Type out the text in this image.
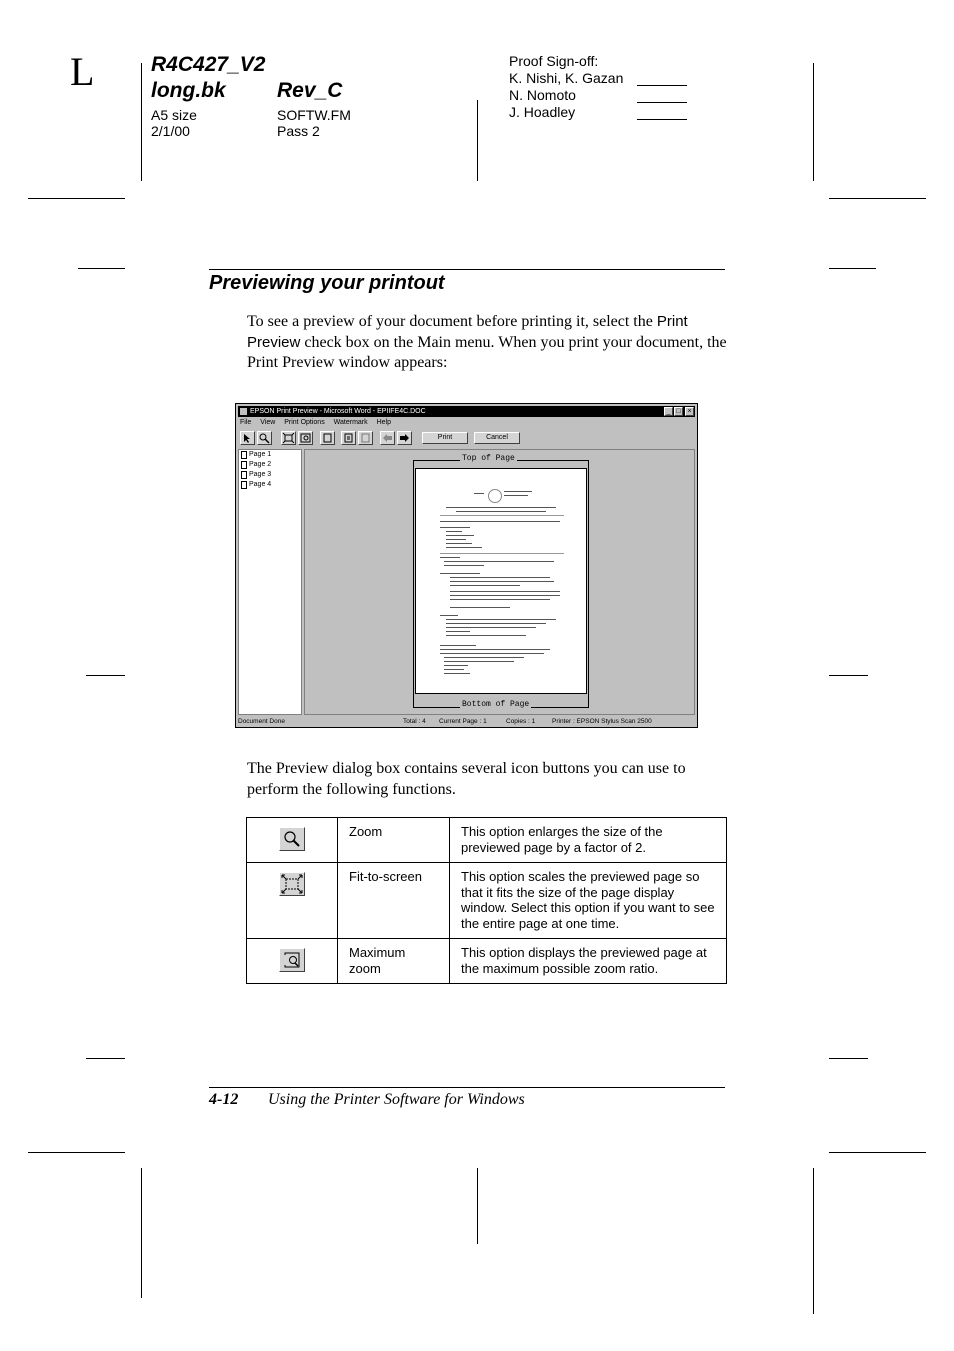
L	R4C427_V2
long.bk Rev_C
A5 size	SOFTW.FM
2/1/00	Pass 2
Proof Sign-off:
K. Nishi, K. Gazan
N. Nomoto
J. Hoadley
Previewing your printout
To see a preview of your document before printing it, select the Print Preview check box on the Main menu. When you print your document, the Print Preview window appears:
EPSON Print Preview - Microsoft Word - EPIIFE4C.DOC	_ □ ×
File View Print Options Watermark Help
Print	Cancel
Page 1
Page 2
Page 3
Page 4
Top of Page
Bottom of Page
Document Done	Total : 4 Current Page : 1	Copies : 1	Printer : EPSON Stylus Scan 2500
The Preview dialog box contains several icon buttons you can use to perform the following functions.
	Zoom	This option enlarges the size of the previewed page by a factor of 2.
	Fit-to-screen	This option scales the previewed page so that it fits the size of the page display window. Select this option if you want to see the entire page at one time.
	Maximum zoom	This option displays the previewed page at the maximum possible zoom ratio.
4-12 Using the Printer Software for Windows
